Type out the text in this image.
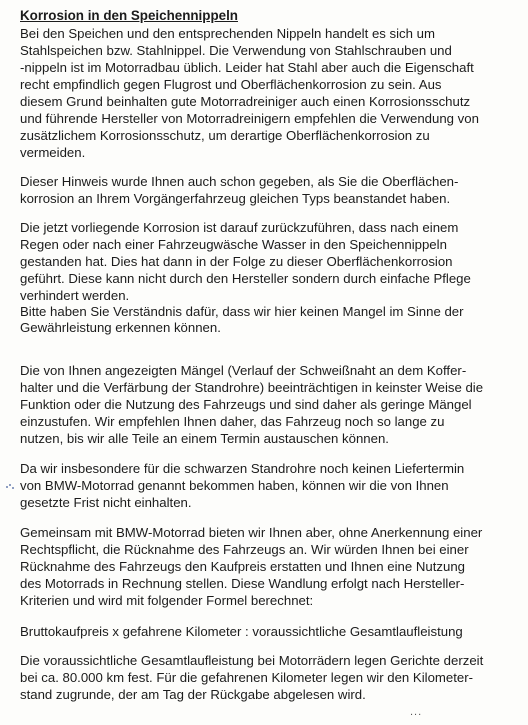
Korrosion in den Speichennippeln
Bei den Speichen und den entsprechenden Nippeln handelt es sich um
Stahlspeichen bzw. Stahlnippel. Die Verwendung von Stahlschrauben und
-nippeln ist im Motorradbau üblich. Leider hat Stahl aber auch die Eigenschaft
recht empfindlich gegen Flugrost und Oberflächenkorrosion zu sein. Aus
diesem Grund beinhalten gute Motorradreiniger auch einen Korrosionsschutz
und führende Hersteller von Motorradreinigern empfehlen die Verwendung von
zusätzlichem Korrosionsschutz, um derartige Oberflächenkorrosion zu
vermeiden.
Dieser Hinweis wurde Ihnen auch schon gegeben, als Sie die Oberflächen-
korrosion an Ihrem Vorgängerfahrzeug gleichen Typs beanstandet haben.
Die jetzt vorliegende Korrosion ist darauf zurückzuführen, dass nach einem
Regen oder nach einer Fahrzeugwäsche Wasser in den Speichennippeln
gestanden hat. Dies hat dann in der Folge zu dieser Oberflächenkorrosion
geführt. Diese kann nicht durch den Hersteller sondern durch einfache Pflege
verhindert werden.
Bitte haben Sie Verständnis dafür, dass wir hier keinen Mangel im Sinne der
Gewährleistung erkennen können.
Die von Ihnen angezeigten Mängel (Verlauf der Schweißnaht an dem Koffer-
halter und die Verfärbung der Standrohre) beeinträchtigen in keinster Weise die
Funktion oder die Nutzung des Fahrzeugs und sind daher als geringe Mängel
einzustufen. Wir empfehlen Ihnen daher, das Fahrzeug noch so lange zu
nutzen, bis wir alle Teile an einem Termin austauschen können.
Da wir insbesondere für die schwarzen Standrohre noch keinen Liefertermin
von BMW-Motorrad genannt bekommen haben, können wir die von Ihnen
gesetzte Frist nicht einhalten.
Gemeinsam mit BMW-Motorrad bieten wir Ihnen aber, ohne Anerkennung einer
Rechtspflicht, die Rücknahme des Fahrzeugs an. Wir würden Ihnen bei einer
Rücknahme des Fahrzeugs den Kaufpreis erstatten und Ihnen eine Nutzung
des Motorrads in Rechnung stellen. Diese Wandlung erfolgt nach Hersteller-
Kriterien und wird mit folgender Formel berechnet:
Bruttokaufpreis x gefahrene Kilometer : voraussichtliche Gesamtlaufleistung
Die voraussichtliche Gesamtlaufleistung bei Motorrädern legen Gerichte derzeit
bei ca. 80.000 km fest. Für die gefahrenen Kilometer legen wir den Kilometer-
stand zugrunde, der am Tag der Rückgabe abgelesen wird.
...
